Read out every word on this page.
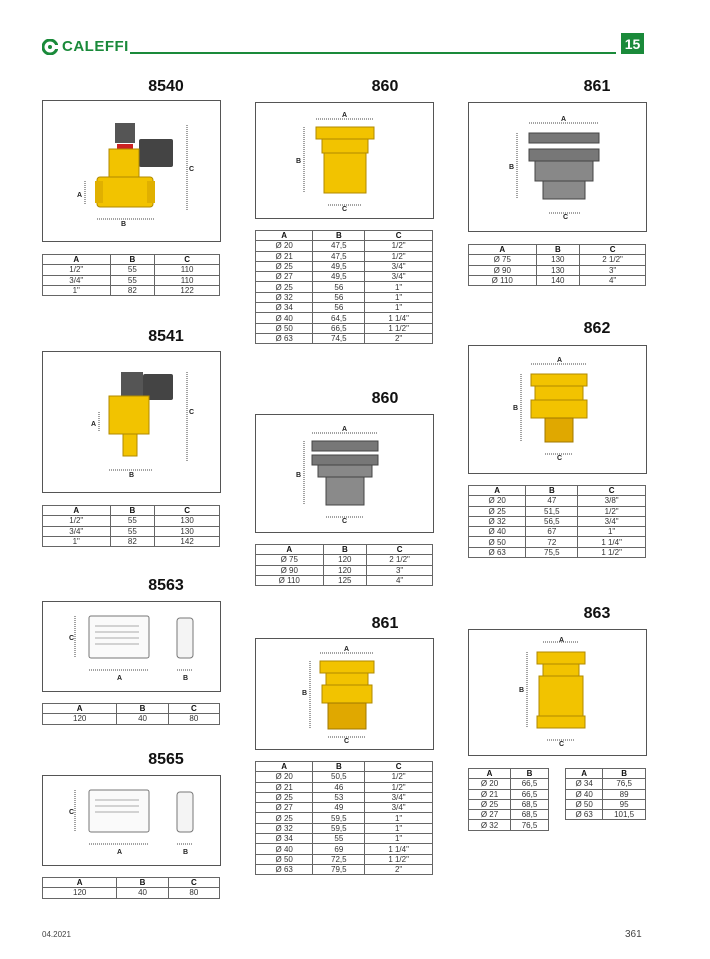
CALEFFI	15
8540
C
A
B
A	B	C
1/2"	55	110
3/4"	55	110
1"	82	122
8541
C
A
B
A	B	C
1/2"	55	130
3/4"	55	130
1"	82	142
8563
C
A	B
A	B	C
120	40	80
8565
C
A	B
A	B	C
120	40	80
860
A
B
C
A	B	C
Ø 20	47,5	1/2"
Ø 21	47,5	1/2"
Ø 25	49,5	3/4"
Ø 27	49,5	3/4"
Ø 25	56	1"
Ø 32	56	1"
Ø 34	56	1"
Ø 40	64,5	1 1/4"
Ø 50	66,5	1 1/2"
Ø 63	74,5	2"
860
A
B
C
A	B	C
Ø 75	120	2 1/2"
Ø 90	120	3"
Ø 110	125	4"
861
A
B
C
A	B	C
Ø 20	50,5	1/2"
Ø 21	46	1/2"
Ø 25	53	3/4"
Ø 27	49	3/4"
Ø 25	59,5	1"
Ø 32	59,5	1"
Ø 34	55	1"
Ø 40	69	1 1/4"
Ø 50	72,5	1 1/2"
Ø 63	79,5	2"
861
A
B
C
A	B	C
Ø 75	130	2 1/2"
Ø 90	130	3"
Ø 110	140	4"
862
A
B
C
A	B	C
Ø 20	47	3/8"
Ø 25	51,5	1/2"
Ø 32	56,5	3/4"
Ø 40	67	1"
Ø 50	72	1 1/4"
Ø 63	75,5	1 1/2"
863
A
B
C
A	B
Ø 20	66,5
Ø 21	66,5
Ø 25	68,5
Ø 27	68,5
Ø 32	76,5
A	B
Ø 34	76,5
Ø 40	89
Ø 50	95
Ø 63	101,5
04.2021	361
